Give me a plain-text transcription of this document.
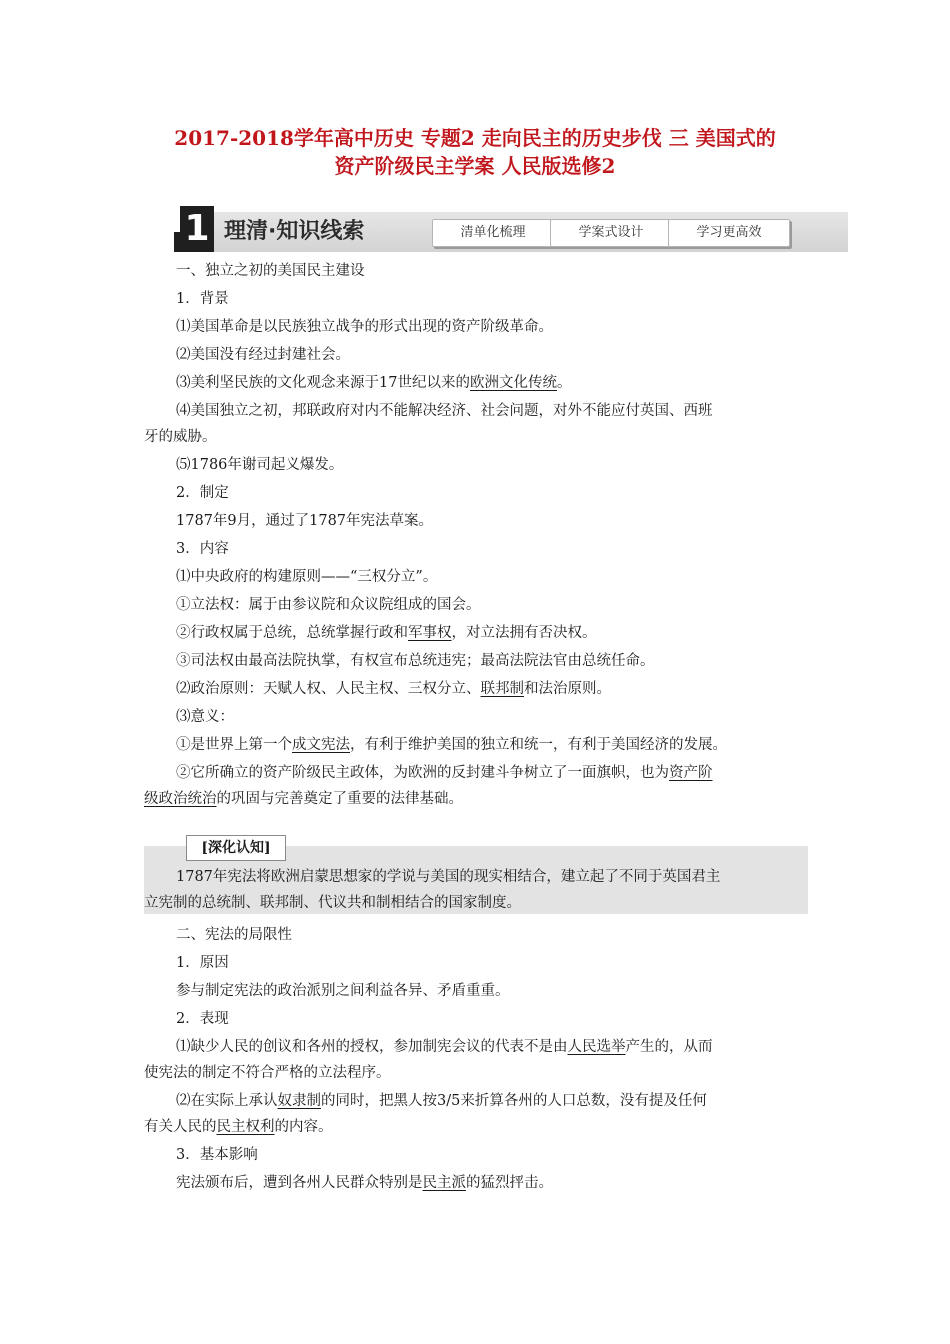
2017-2018学年高中历史 专题2 走向民主的历史步伐 三 美国式的
资产阶级民主学案 人民版选修2
1 理清·知识线索	清单化梳理	学案式设计	学习更高效
一、独立之初的美国民主建设
1．背景
⑴美国革命是以民族独立战争的形式出现的资产阶级革命。
⑵美国没有经过封建社会。
⑶美利坚民族的文化观念来源于17世纪以来的欧洲文化传统。
⑷美国独立之初，邦联政府对内不能解决经济、社会问题，对外不能应付英国、西班
牙的威胁。
⑸1786年谢司起义爆发。
2．制定
1787年9月，通过了1787年宪法草案。
3．内容
⑴中央政府的构建原则——“三权分立”。
①立法权：属于由参议院和众议院组成的国会。
②行政权属于总统，总统掌握行政和军事权，对立法拥有否决权。
③司法权由最高法院执掌，有权宣布总统违宪；最高法院法官由总统任命。
⑵政治原则：天赋人权、人民主权、三权分立、联邦制和法治原则。
⑶意义：
①是世界上第一个成文宪法，有利于维护美国的独立和统一，有利于美国经济的发展。
②它所确立的资产阶级民主政体，为欧洲的反封建斗争树立了一面旗帜，也为资产阶
级政治统治的巩固与完善奠定了重要的法律基础。
[深化认知]
1787年宪法将欧洲启蒙思想家的学说与美国的现实相结合，建立起了不同于英国君主
立宪制的总统制、联邦制、代议共和制相结合的国家制度。
二、宪法的局限性
1．原因
参与制定宪法的政治派别之间利益各异、矛盾重重。
2．表现
⑴缺少人民的创议和各州的授权，参加制宪会议的代表不是由人民选举产生的，从而
使宪法的制定不符合严格的立法程序。
⑵在实际上承认奴隶制的同时，把黑人按3/5来折算各州的人口总数，没有提及任何
有关人民的民主权利的内容。
3．基本影响
宪法颁布后，遭到各州人民群众特别是民主派的猛烈抨击。
